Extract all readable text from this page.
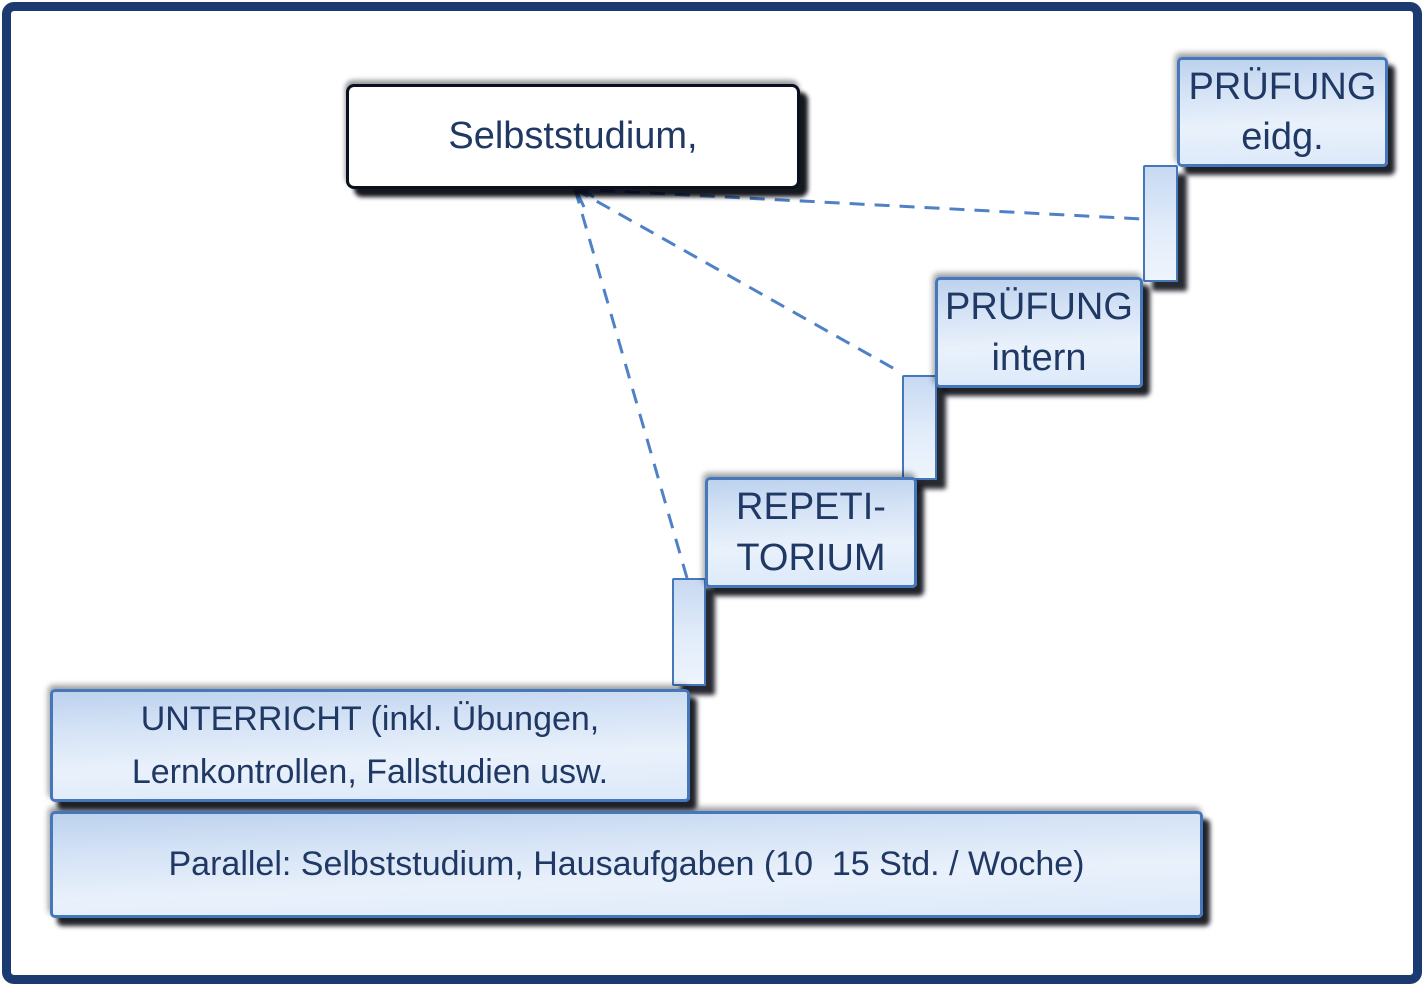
Selbststudium,
PRÜFUNG
eidg.
PRÜFUNG
intern
REPETI-
TORIUM
UNTERRICHT (inkl. Übungen,
Lernkontrollen, Fallstudien usw.
Parallel: Selbststudium, Hausaufgaben (10  15 Std. / Woche)
